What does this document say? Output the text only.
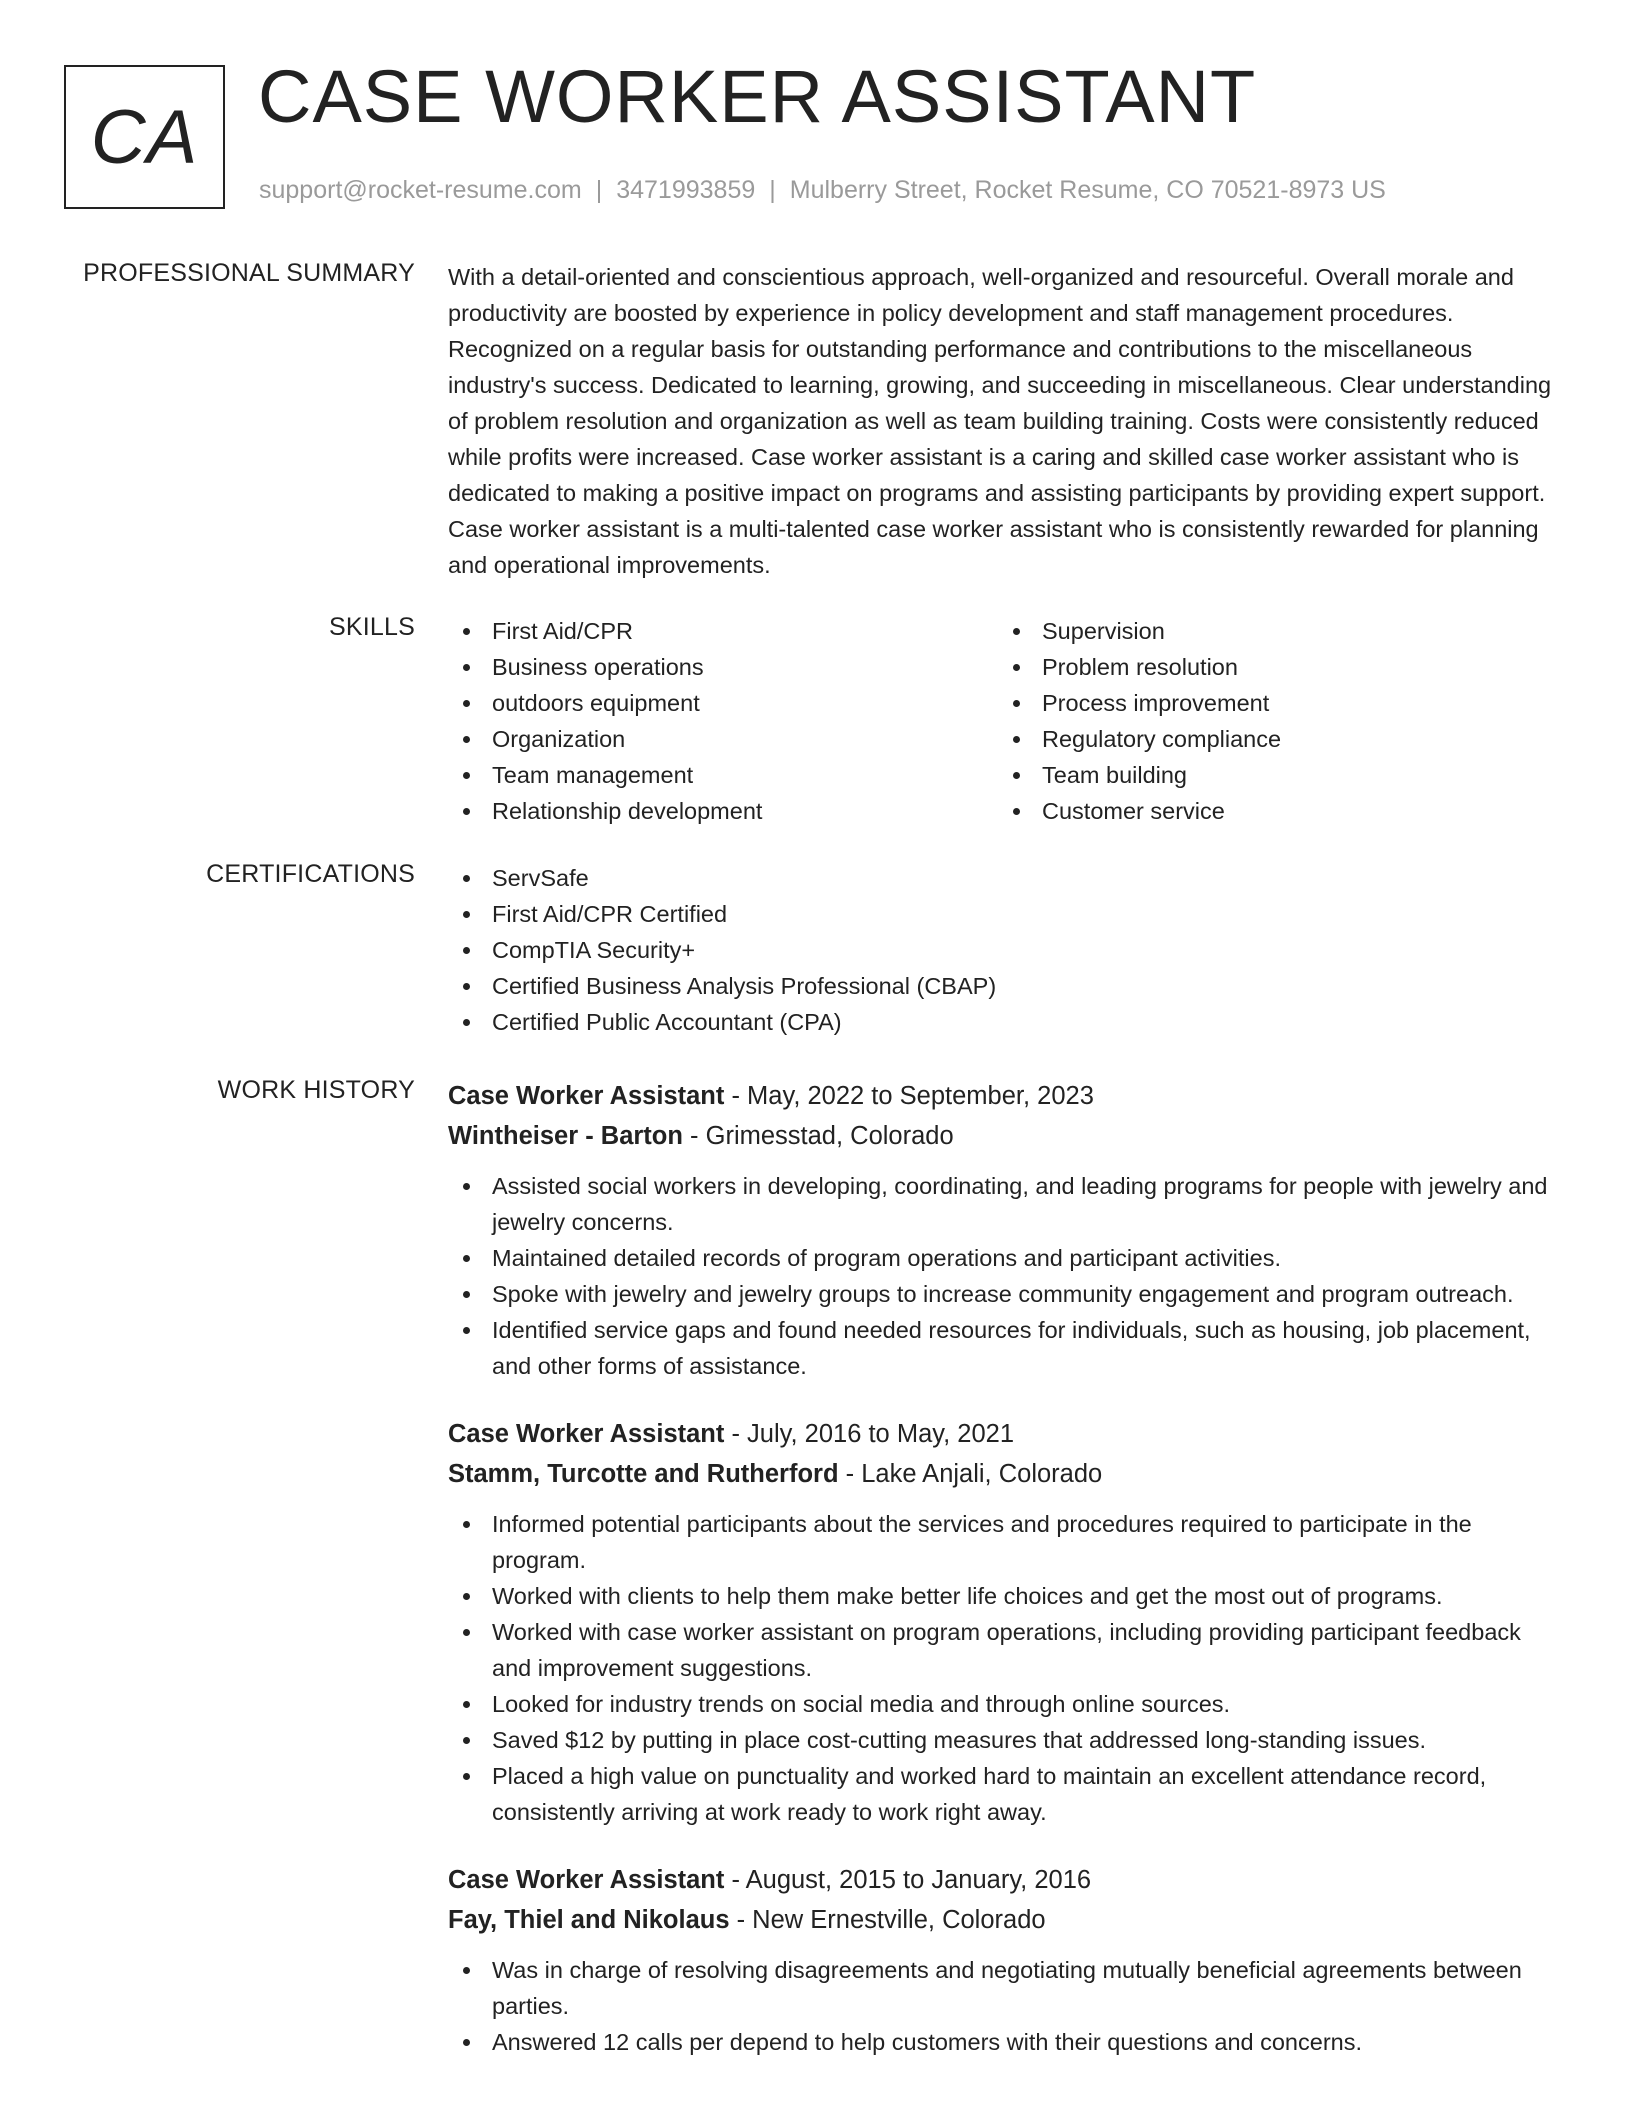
CA CASE WORKER ASSISTANT
support@rocket-resume.com | 3471993859 | Mulberry Street, Rocket Resume, CO 70521-8973 US
PROFESSIONAL SUMMARY With a detail-oriented and conscientious approach, well-organized and resourceful. Overall morale and productivity are boosted by experience in policy development and staff management procedures. Recognized on a regular basis for outstanding performance and contributions to the miscellaneous industry's success. Dedicated to learning, growing, and succeeding in miscellaneous. Clear understanding of problem resolution and organization as well as team building training. Costs were consistently reduced while profits were increased. Case worker assistant is a caring and skilled case worker assistant who is dedicated to making a positive impact on programs and assisting participants by providing expert support. Case worker assistant is a multi-talented case worker assistant who is consistently rewarded for planning and operational improvements.
SKILLS	First Aid/CPR
Business operations
outdoors equipment
Organization
Team management
Relationship development
Supervision
Problem resolution
Process improvement
Regulatory compliance
Team building
Customer service
CERTIFICATIONS	ServSafe
First Aid/CPR Certified
CompTIA Security+
Certified Business Analysis Professional (CBAP)
Certified Public Accountant (CPA)
WORK HISTORY Case Worker Assistant - May, 2022 to September, 2023
Wintheiser - Barton - Grimesstad, Colorado
Assisted social workers in developing, coordinating, and leading programs for people with jewelry and jewelry concerns.
Maintained detailed records of program operations and participant activities.
Spoke with jewelry and jewelry groups to increase community engagement and program outreach.
Identified service gaps and found needed resources for individuals, such as housing, job placement, and other forms of assistance.
Case Worker Assistant - July, 2016 to May, 2021
Stamm, Turcotte and Rutherford - Lake Anjali, Colorado
Informed potential participants about the services and procedures required to participate in the program.
Worked with clients to help them make better life choices and get the most out of programs.
Worked with case worker assistant on program operations, including providing participant feedback and improvement suggestions.
Looked for industry trends on social media and through online sources.
Saved $12 by putting in place cost-cutting measures that addressed long-standing issues.
Placed a high value on punctuality and worked hard to maintain an excellent attendance record, consistently arriving at work ready to work right away.
Case Worker Assistant - August, 2015 to January, 2016
Fay, Thiel and Nikolaus - New Ernestville, Colorado
Was in charge of resolving disagreements and negotiating mutually beneficial agreements between parties.
Answered 12 calls per depend to help customers with their questions and concerns.
